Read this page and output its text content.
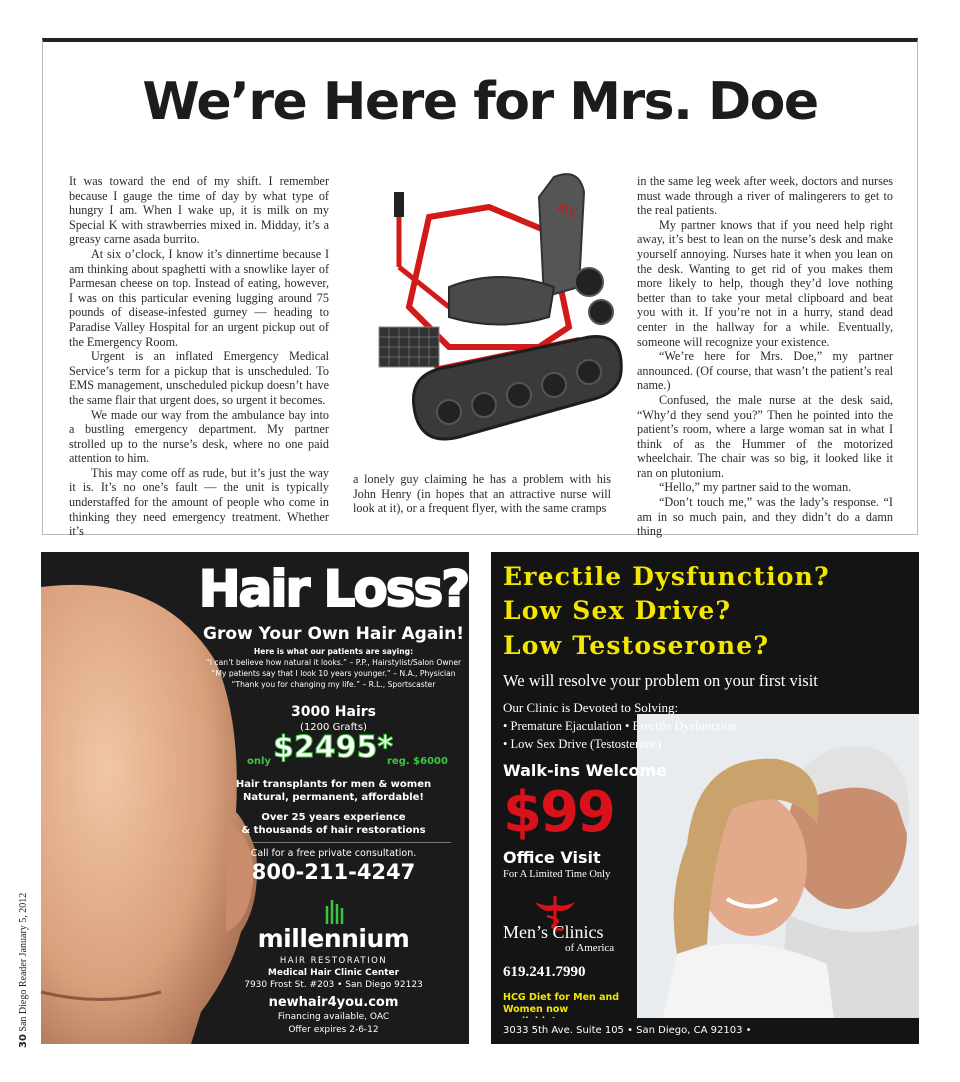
We’re Here for Mrs. Doe

It was toward the end of my shift. I remember because I gauge the time of day by what type of hungry I am. When I wake up, it is milk on my Special K with strawberries mixed in. Midday, it’s a greasy carne asada burrito.

At six o’clock, I know it’s dinnertime because I am thinking about spaghetti with a snowlike layer of Parmesan cheese on top. Instead of eating, however, I was on this particular evening lugging around 75 pounds of disease-infested gurney — heading to Paradise Valley Hospital for an urgent pickup out of the Emergency Room.

Urgent is an inflated Emergency Medical Service’s term for a pickup that is unscheduled. To EMS management, unscheduled pickup doesn’t have the same flair that urgent does, so urgent it becomes.

We made our way from the ambulance bay into a bustling emergency department. My partner strolled up to the nurse’s desk, where no one paid attention to him.

This may come off as rude, but it’s just the way it is. It’s no one’s fault — the unit is typically understaffed for the amount of people who come in thinking they need emergency treatment. Whether it’s

ATC

a lonely guy claiming he has a problem with his John Henry (in hopes that an attractive nurse will look at it), or a frequent flyer, with the same cramps

in the same leg week after week, doctors and nurses must wade through a river of malingerers to get to the real patients.

My partner knows that if you need help right away, it’s best to lean on the nurse’s desk and make yourself annoying. Nurses hate it when you lean on the desk. Wanting to get rid of you makes them more likely to help, though they’d love nothing better than to take your metal clipboard and beat you with it. If you’re not in a hurry, stand dead center in the hallway for a while. Eventually, someone will recognize your existence.

“We’re here for Mrs. Doe,” my partner announced. (Of course, that wasn’t the patient’s real name.)

Confused, the male nurse at the desk said, “Why’d they send you?” Then he pointed into the patient’s room, where a large woman sat in what I think of as the Hummer of the motorized wheelchair. The chair was so big, it looked like it ran on plutonium.

“Hello,” my partner said to the woman.

“Don’t touch me,” was the lady’s response. “I am in so much pain, and they didn’t do a damn thing

Hair Loss?
Grow Your Own Hair Again!
Here is what our patients are saying:
“I can’t believe how natural it looks.” – P.P., Hairstylist/Salon Owner
“My patients say that I look 10 years younger.” – N.A., Physician
“Thank you for changing my life.” – R.L., Sportscaster
3000 Hairs
(1200 Grafts)
only $2495*
reg. $6000
Hair transplants for men & women
Natural, permanent, affordable!
Over 25 years experience
& thousands of hair restorations
Call for a free private consultation.
800-211-4247
millennium
HAIR RESTORATION
Medical Hair Clinic Center
7930 Frost St. #203 • San Diego 92123
newhair4you.com
Financing available, OAC
Offer expires 2-6-12
Erectile Dysfunction?
Low Sex Drive?
Low Testoserone?
We will resolve your problem on your first visit
Our Clinic is Devoted to Solving:
• Premature Ejaculation • Erectile Dysfunction
• Low Sex Drive (Testosterone)
Walk-ins Welcome
$99
Office Visit
For A Limited Time Only
Men’s Clinics
of America
619.241.7990
HCG Diet for Men and Women now
3033 5th Ave. Suite 105 • San Diego, CA 92103 • www.mensclinicsofamerica.com
30 San Diego Reader January 5, 2012
